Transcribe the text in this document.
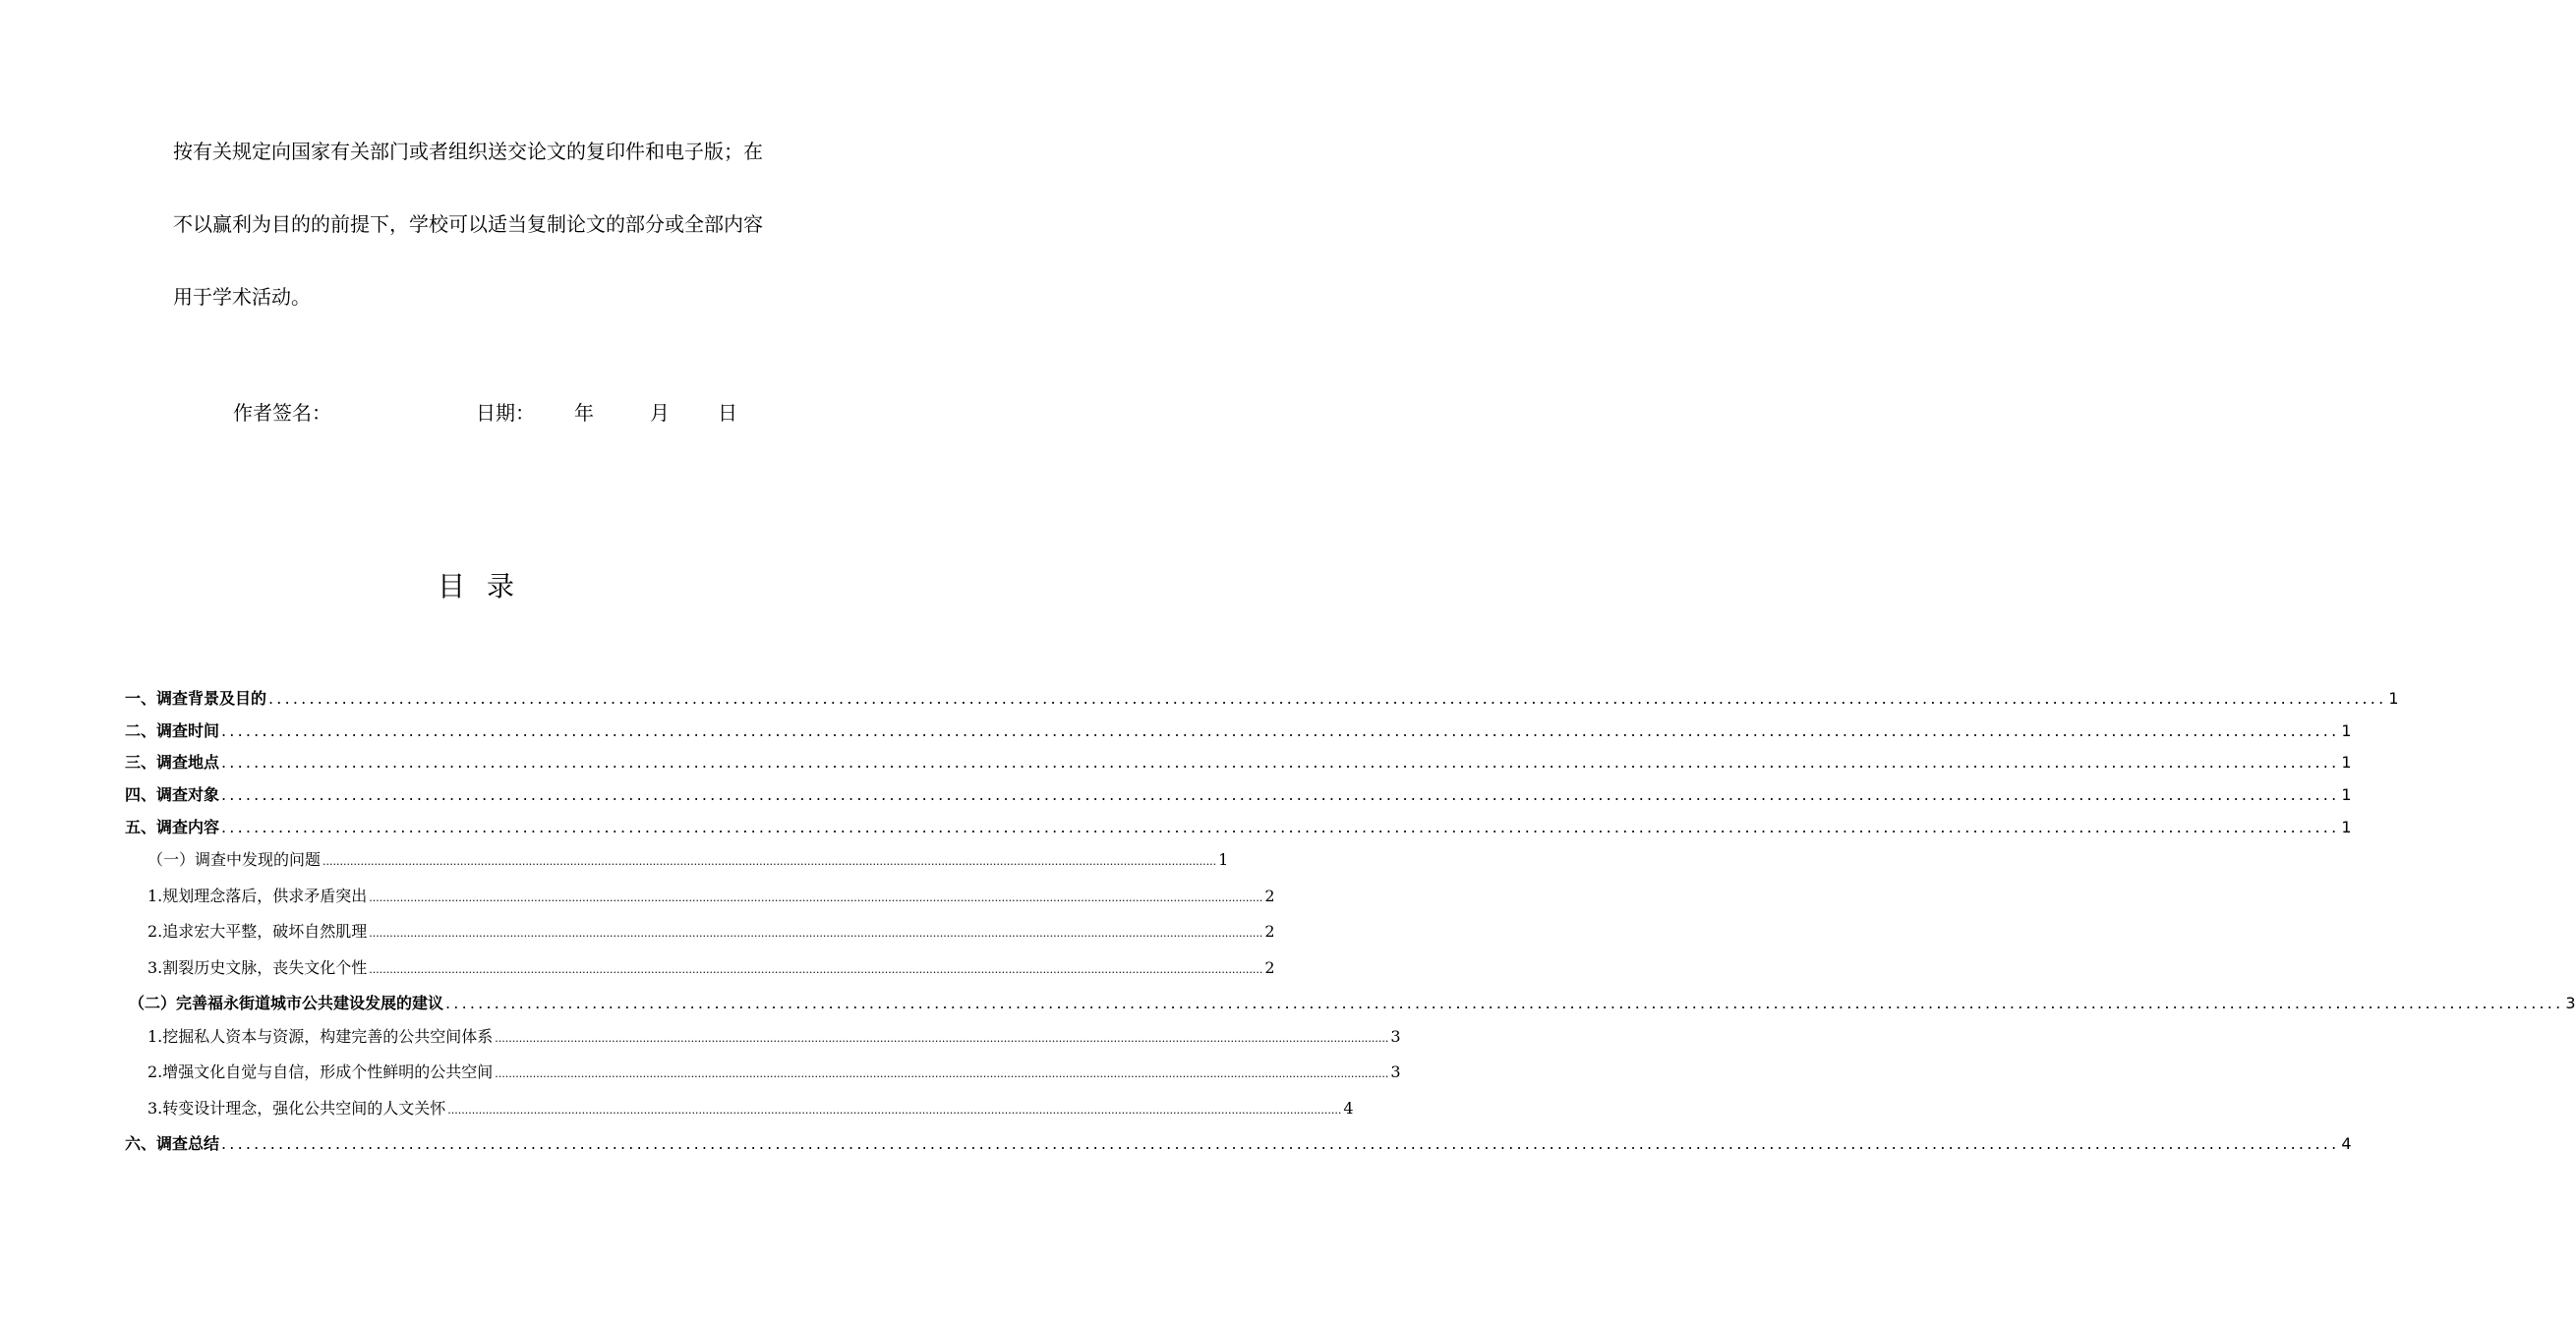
按有关规定向国家有关部门或者组织送交论文的复印件和电子版；在
不以赢利为目的的前提下，学校可以适当复制论文的部分或全部内容
用于学术活动。
作者签名：	日期： 年	月 日
目录
一、调查背景及目的 .................................................................................................................................................................................................................................................................... 1
二、调查时间 .................................................................................................................................................................................................................................................................... 1
三、调查地点 .................................................................................................................................................................................................................................................................... 1
四、调查对象 .................................................................................................................................................................................................................................................................... 1
五、调查内容 .................................................................................................................................................................................................................................................................... 1
（一）调查中发现的问题 .................................................................................................................................................................................................................................................................... 1
1.规划理念落后，供求矛盾突出 .................................................................................................................................................................................................................................................................... 2
2.追求宏大平整，破坏自然肌理 .................................................................................................................................................................................................................................................................... 2
3.割裂历史文脉，丧失文化个性 .................................................................................................................................................................................................................................................................... 2
（二）完善福永街道城市公共建设发展的建议 .................................................................................................................................................................................................................................................................... 3
1.挖掘私人资本与资源，构建完善的公共空间体系 .................................................................................................................................................................................................................................................................... 3
2.增强文化自觉与自信，形成个性鲜明的公共空间 .................................................................................................................................................................................................................................................................... 3
3.转变设计理念，强化公共空间的人文关怀 .................................................................................................................................................................................................................................................................... 4
六、调查总结 .................................................................................................................................................................................................................................................................... 4
